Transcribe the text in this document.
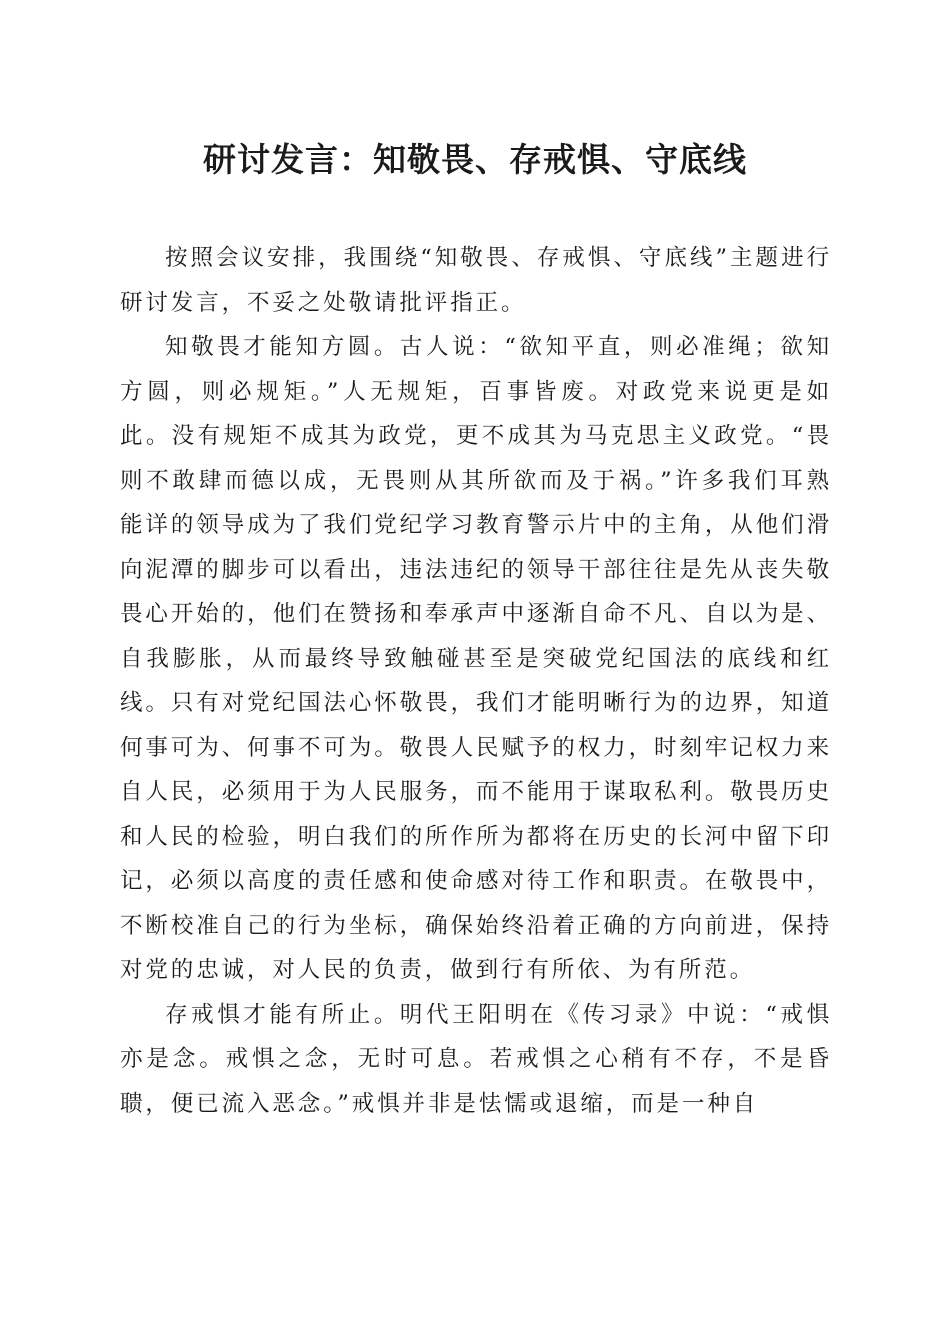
研讨发言：知敬畏、存戒惧、守底线

按照会议安排，我围绕“知敬畏、存戒惧、守底线”主题进行研讨发言，不妥之处敬请批评指正。

知敬畏才能知方圆。古人说：“欲知平直，则必准绳；欲知方圆，则必规矩。”人无规矩，百事皆废。对政党来说更是如此。没有规矩不成其为政党，更不成其为马克思主义政党。“畏则不敢肆而德以成，无畏则从其所欲而及于祸。”许多我们耳熟能详的领导成为了我们党纪学习教育警示片中的主角，从他们滑向泥潭的脚步可以看出，违法违纪的领导干部往往是先从丧失敬畏心开始的，他们在赞扬和奉承声中逐渐自命不凡、自以为是、自我膨胀，从而最终导致触碰甚至是突破党纪国法的底线和红线。只有对党纪国法心怀敬畏，我们才能明晰行为的边界，知道何事可为、何事不可为。敬畏人民赋予的权力，时刻牢记权力来自人民，必须用于为人民服务，而不能用于谋取私利。敬畏历史和人民的检验，明白我们的所作所为都将在历史的长河中留下印记，必须以高度的责任感和使命感对待工作和职责。在敬畏中，不断校准自己的行为坐标，确保始终沿着正确的方向前进，保持对党的忠诚，对人民的负责，做到行有所依、为有所范。

存戒惧才能有所止。明代王阳明在《传习录》中说：“戒惧亦是念。戒惧之念，无时可息。若戒惧之心稍有不存，不是昏聩，便已流入恶念。”戒惧并非是怯懦或退缩，而是一种自
